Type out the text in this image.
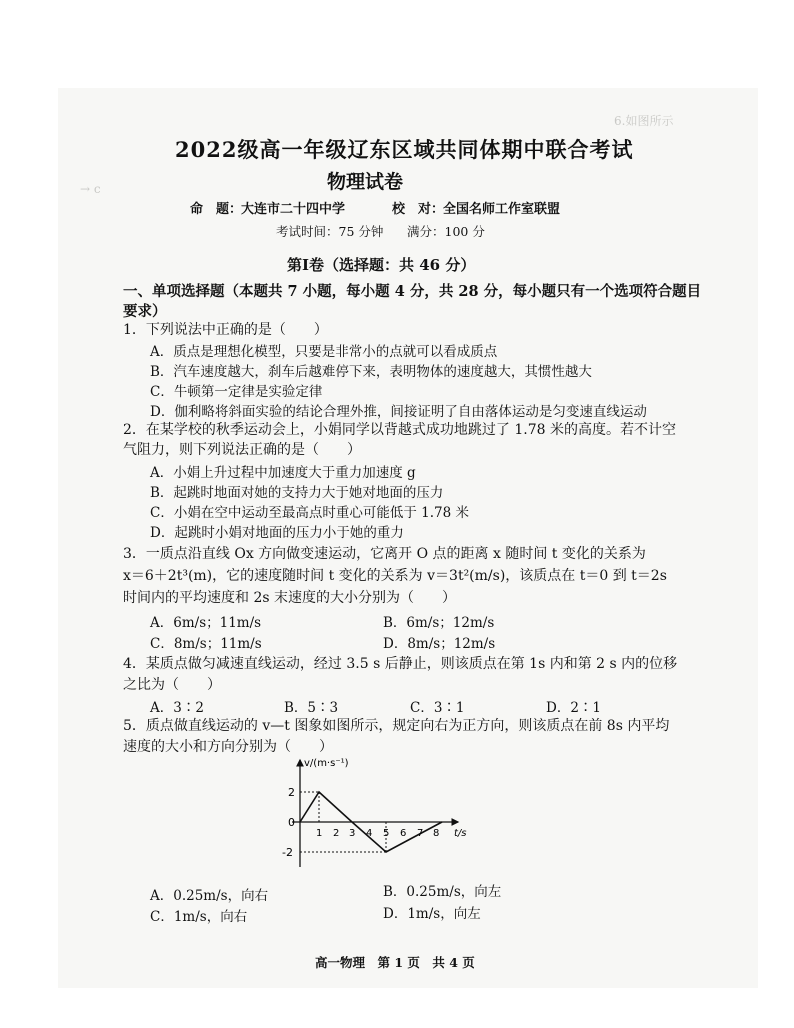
6.如图所示
→ c
2022级高一年级辽东区域共同体期中联合考试
物理试卷
命　题：
大连市二十四中学	校　对：
全国名师工作室联盟
考试时间：75 分钟 满分：100 分
第Ⅰ卷（选择题：共 46 分）
一、单项选择题（本题共 7 小题，每小题 4 分，共 28 分，每小题只有一个选项符合题目
要求）
1．下列说法中正确的是（　　）
A．质点是理想化模型，只要是非常小的点就可以看成质点
B．汽车速度越大，刹车后越难停下来，表明物体的速度越大，其惯性越大
C．牛顿第一定律是实验定律
D．伽利略将斜面实验的结论合理外推，间接证明了自由落体运动是匀变速直线运动
2．在某学校的秋季运动会上，小娟同学以背越式成功地跳过了 1.78 米的高度。若不计空
气阻力，则下列说法正确的是（　　）
A．小娟上升过程中加速度大于重力加速度 g
B．起跳时地面对她的支持力大于她对地面的压力
C．小娟在空中运动至最高点时重心可能低于 1.78 米
D．起跳时小娟对地面的压力小于她的重力
3．一质点沿直线 Ox 方向做变速运动，它离开 O 点的距离 x 随时间 t 变化的关系为
x＝6＋2t³(m)，它的速度随时间 t 变化的关系为 v＝3t²(m/s)，该质点在 t＝0 到 t＝2s
时间内的平均速度和 2s 末速度的大小分别为（　　）
A．6m/s；11m/s	B．6m/s；12m/s
C．8m/s；11m/s	D．8m/s；12m/s
4．某质点做匀减速直线运动，经过 3.5 s 后静止，则该质点在第 1s 内和第 2 s 内的位移
之比为（　　）
A．3∶2	B．5∶3	C．3∶1	D．2∶1
5．质点做直线运动的 v—t 图象如图所示，规定向右为正方向，则该质点在前 8s 内平均
速度的大小和方向分别为（　　）
v/(m·s⁻¹)
t/s
0
2
-2
1 2 3 4 5 6 7 8
A．0.25m/s，向右	B．0.25m/s，向左
C．1m/s，向右	D．1m/s，向左
高一物理　第 1 页　共 4 页
